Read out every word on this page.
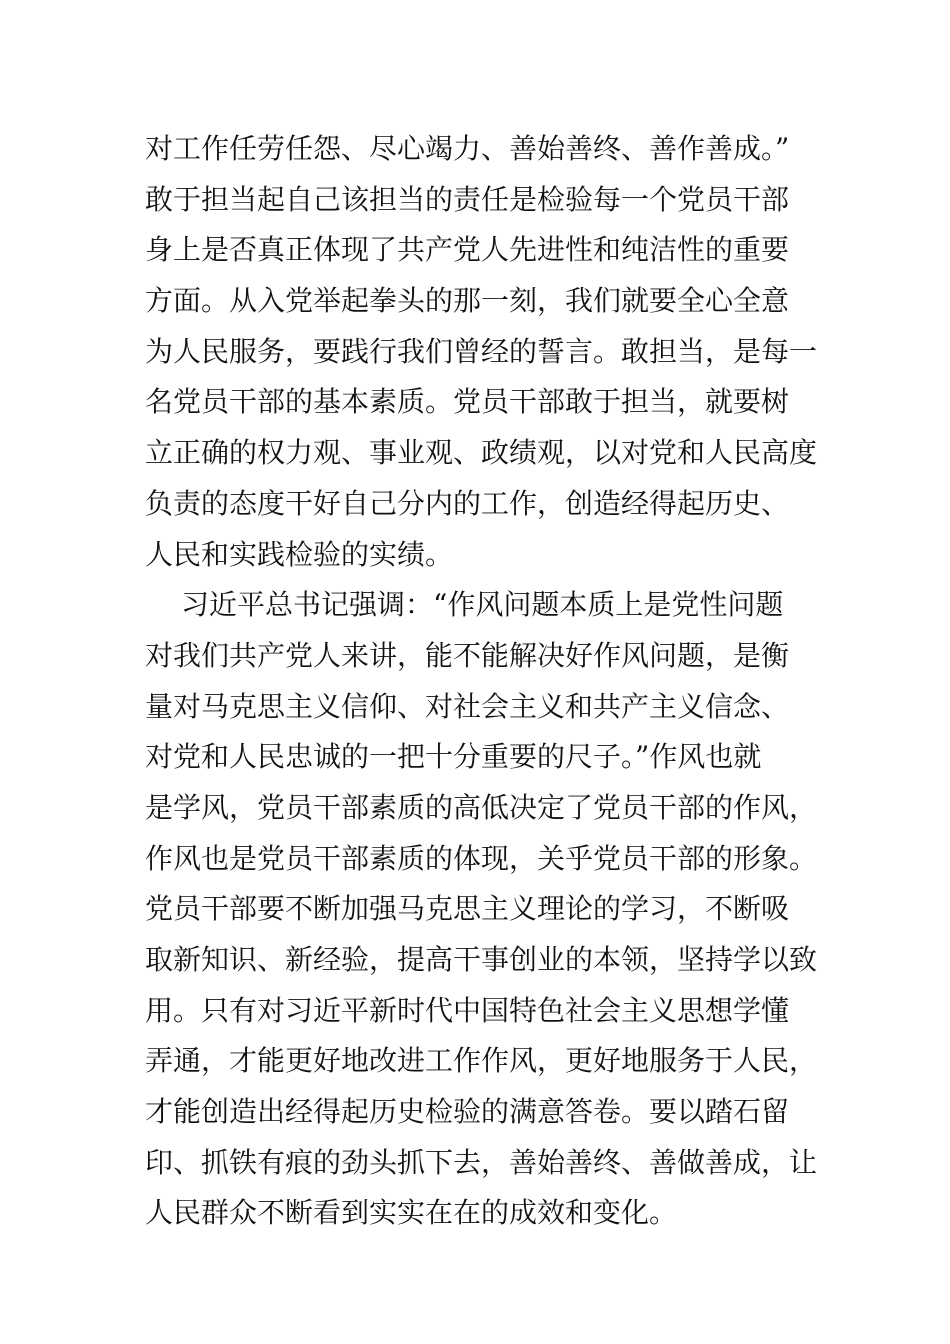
对工作任劳任怨、尽心竭力、善始善终、善作善成。”
敢于担当起自己该担当的责任是检验每一个党员干部
身上是否真正体现了共产党人先进性和纯洁性的重要
方面。从入党举起拳头的那一刻，我们就要全心全意
为人民服务，要践行我们曾经的誓言。敢担当，是每一
名党员干部的基本素质。党员干部敢于担当，就要树
立正确的权力观、事业观、政绩观，以对党和人民高度
负责的态度干好自己分内的工作，创造经得起历史、
人民和实践检验的实绩。
习近平总书记强调：“作风问题本质上是党性问题
对我们共产党人来讲，能不能解决好作风问题，是衡
量对马克思主义信仰、对社会主义和共产主义信念、
对党和人民忠诚的一把十分重要的尺子。”作风也就
是学风，党员干部素质的高低决定了党员干部的作风，
作风也是党员干部素质的体现，关乎党员干部的形象。
党员干部要不断加强马克思主义理论的学习，不断吸
取新知识、新经验，提高干事创业的本领，坚持学以致
用。只有对习近平新时代中国特色社会主义思想学懂
弄通，才能更好地改进工作作风，更好地服务于人民，
才能创造出经得起历史检验的满意答卷。要以踏石留
印、抓铁有痕的劲头抓下去，善始善终、善做善成，让
人民群众不断看到实实在在的成效和变化。
